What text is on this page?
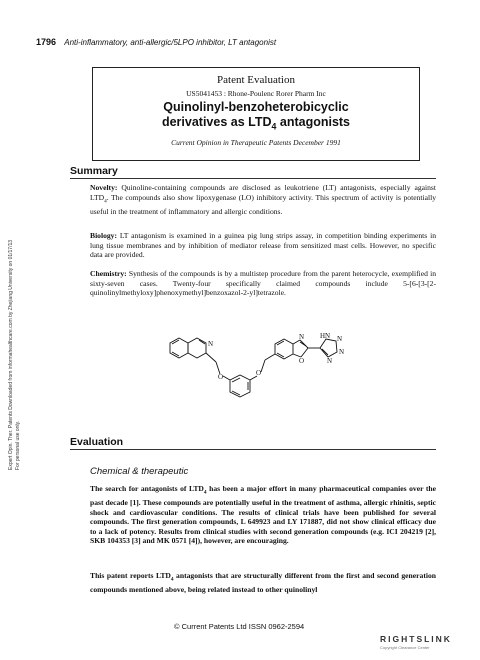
Expert Opin. Ther. Patents Downloaded from informahealthcare.com by Zhejiang University on 01/17/13 For personal use only.
1796 Anti-inflammatory, anti-allergic/5LPO inhibitor, LT antagonist
Patent Evaluation
US5041453 : Rhone-Poulenc Rorer Pharm Inc
Quinolinyl-benzoheterobicyclic
derivatives as $LTD_4$ antagonists
Current Opinion in Therapeutic Patents December 1991
Summary
Novelty: Quinoline-containing compounds are disclosed as leukotriene (LT) antagonists, especially against $LTD_4$. The compounds also show lipoxygenase (LO) inhibitory activity. This spectrum of activity is potentially useful in the treatment of inflammatory and allergic conditions.
Biology: LT antagonism is examined in a guinea pig lung strips assay, in competition binding experiments in lung tissue membranes and by inhibition of mediator release from sensitized mast cells. However, no specific data are provided.
Chemistry: Synthesis of the compounds is by a multistep procedure from the parent heterocycle, exemplified in sixty-seven cases. Twenty-four specifically claimed compounds include 5-[6-[3-[2-quinolinylmethyloxy]phenoxymethyl]benzoxazol-2-yl]tetrazole.
N
O	O
N
O
HN N
N
N
Evaluation
Chemical & therapeutic
The search for antagonists of $LTD_4$ has been a major effort in many pharmaceutical companies over the past decade [1]. These compounds are potentially useful in the treatment of asthma, allergic rhinitis, septic shock and cardiovascular conditions. The results of clinical trials have been published for several compounds. The first generation compounds, L 649923 and LY 171887, did not show clinical efficacy due to a lack of potency. Results from clinical studies with second generation compounds (e.g. ICI 204219 [2], SKB 104353 [3] and MK 0571 [4]), however, are encouraging.
This patent reports $LTD_4$ antagonists that are structurally different from the first and second generation compounds mentioned above, being related instead to other quinolinyl
© Current Patents Ltd ISSN 0962-2594
RIGHTSLINK
Copyright Clearance Center
